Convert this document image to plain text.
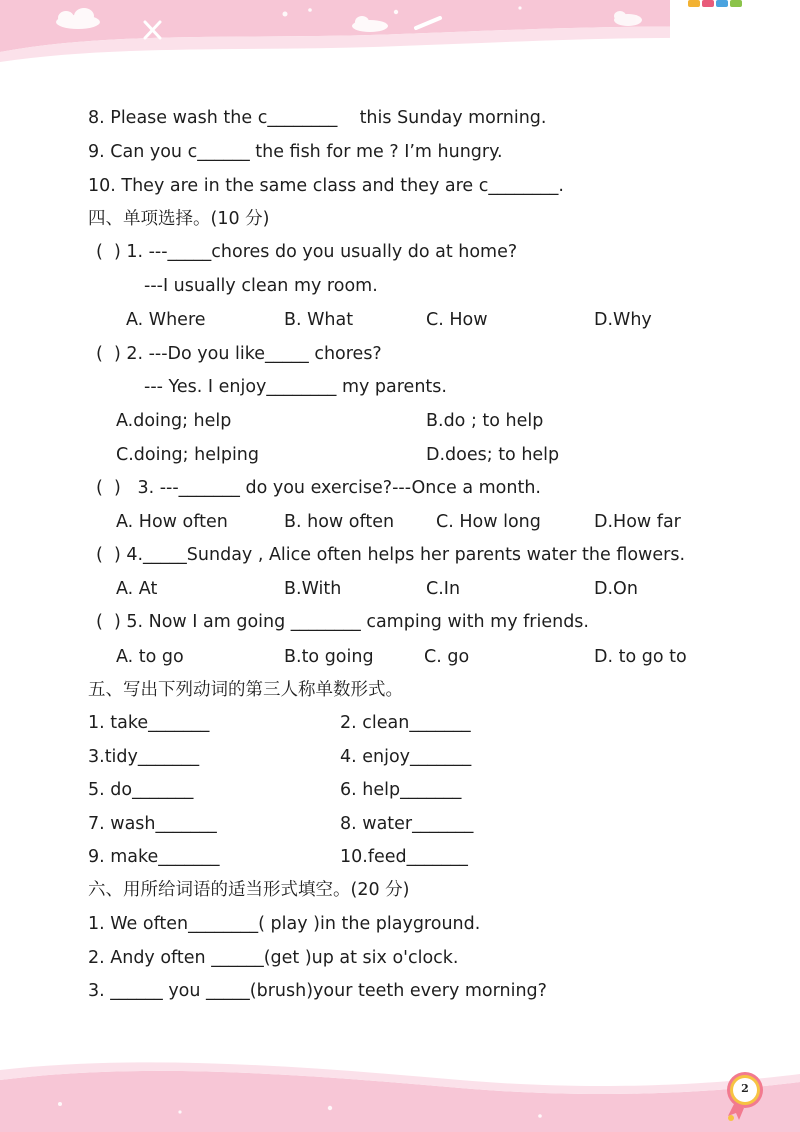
8. Please wash the c________    this Sunday morning.
9. Can you c______ the fish for me ? I’m hungry.
10. They are in the same class and they are c________.
四、单项选择。(10 分)
(  ) 1. ---_____chores do you usually do at home?
---I usually clean my room.
A. Where	B. What	C. How	D.Why
(  ) 2. ---Do you like_____ chores?
--- Yes. I enjoy________ my parents.
A.doing; help	B.do ; to help
C.doing; helping	D.does; to help
(  )   3. ---_______ do you exercise?---Once a month.
A. How often	B. how often C. How long	D.How far
(  ) 4._____Sunday , Alice often helps her parents water the flowers.
A. At	B.With	C.In	D.On
(  ) 5. Now I am going ________ camping with my friends.
A. to go	B.to going	C. go	D. to go to
五、写出下列动词的第三人称单数形式。
1. take_______	2. clean_______
3.tidy_______	4. enjoy_______
5. do_______	6. help_______
7. wash_______	8. water_______
9. make_______	10.feed_______
六、用所给词语的适当形式填空。(20 分)
1. We often________( play )in the playground.
2. Andy often ______(get )up at six o'clock.
3. ______ you _____(brush)your teeth every morning?
2
